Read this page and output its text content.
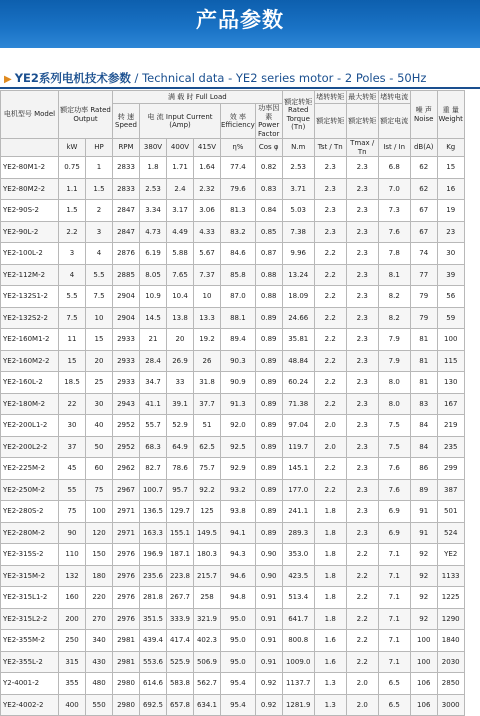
产品参数
▶ YE2系列电机技术参数 / Technical data - YE2 series motor - 2 Poles - 50Hz
电机型号 Model	额定功率 Rated Output		满 载 时 Full Load						额定转矩 Rated Torque (Tn)	堵转转矩	最大转矩	堵转电流	噪 声 Noise	重 量 Weight
			转 速 Speed	电 流 Input Current (Amp)			效 率 Efficiency	功率因素 Power Factor		额定转矩	额定转矩	额定电流		
	kW	HP	RPM	380V	400V	415V	η%	Cos φ	N.m	Tst / Tn	Tmax / Tn	Ist / In	dB(A)	Kg
YE2-80M1-2	0.75	1	2833	1.8	1.71	1.64	77.4	0.82	2.53	2.3	2.3	6.8	62	15
YE2-80M2-2	1.1	1.5	2833	2.53	2.4	2.32	79.6	0.83	3.71	2.3	2.3	7.0	62	16
YE2-90S-2	1.5	2	2847	3.34	3.17	3.06	81.3	0.84	5.03	2.3	2.3	7.3	67	19
YE2-90L-2	2.2	3	2847	4.73	4.49	4.33	83.2	0.85	7.38	2.3	2.3	7.6	67	23
YE2-100L-2	3	4	2876	6.19	5.88	5.67	84.6	0.87	9.96	2.2	2.3	7.8	74	30
YE2-112M-2	4	5.5	2885	8.05	7.65	7.37	85.8	0.88	13.24	2.2	2.3	8.1	77	39
YE2-132S1-2	5.5	7.5	2904	10.9	10.4	10	87.0	0.88	18.09	2.2	2.3	8.2	79	56
YE2-132S2-2	7.5	10	2904	14.5	13.8	13.3	88.1	0.89	24.66	2.2	2.3	8.2	79	59
YE2-160M1-2	11	15	2933	21	20	19.2	89.4	0.89	35.81	2.2	2.3	7.9	81	100
YE2-160M2-2	15	20	2933	28.4	26.9	26	90.3	0.89	48.84	2.2	2.3	7.9	81	115
YE2-160L-2	18.5	25	2933	34.7	33	31.8	90.9	0.89	60.24	2.2	2.3	8.0	81	130
YE2-180M-2	22	30	2943	41.1	39.1	37.7	91.3	0.89	71.38	2.2	2.3	8.0	83	167
YE2-200L1-2	30	40	2952	55.7	52.9	51	92.0	0.89	97.04	2.0	2.3	7.5	84	219
YE2-200L2-2	37	50	2952	68.3	64.9	62.5	92.5	0.89	119.7	2.0	2.3	7.5	84	235
YE2-225M-2	45	60	2962	82.7	78.6	75.7	92.9	0.89	145.1	2.2	2.3	7.6	86	299
YE2-250M-2	55	75	2967	100.7	95.7	92.2	93.2	0.89	177.0	2.2	2.3	7.6	89	387
YE2-280S-2	75	100	2971	136.5	129.7	125	93.8	0.89	241.1	1.8	2.3	6.9	91	501
YE2-280M-2	90	120	2971	163.3	155.1	149.5	94.1	0.89	289.3	1.8	2.3	6.9	91	524
YE2-315S-2	110	150	2976	196.9	187.1	180.3	94.3	0.90	353.0	1.8	2.2	7.1	92	YE2
YE2-315M-2	132	180	2976	235.6	223.8	215.7	94.6	0.90	423.5	1.8	2.2	7.1	92	1133
YE2-315L1-2	160	220	2976	281.8	267.7	258	94.8	0.91	513.4	1.8	2.2	7.1	92	1225
YE2-315L2-2	200	270	2976	351.5	333.9	321.9	95.0	0.91	641.7	1.8	2.2	7.1	92	1290
YE2-355M-2	250	340	2981	439.4	417.4	402.3	95.0	0.91	800.8	1.6	2.2	7.1	100	1840
YE2-355L-2	315	430	2981	553.6	525.9	506.9	95.0	0.91	1009.0	1.6	2.2	7.1	100	2030
Y2-4001-2	355	480	2980	614.6	583.8	562.7	95.4	0.92	1137.7	1.3	2.0	6.5	106	2850
YE2-4002-2	400	550	2980	692.5	657.8	634.1	95.4	0.92	1281.9	1.3	2.0	6.5	106	3000
